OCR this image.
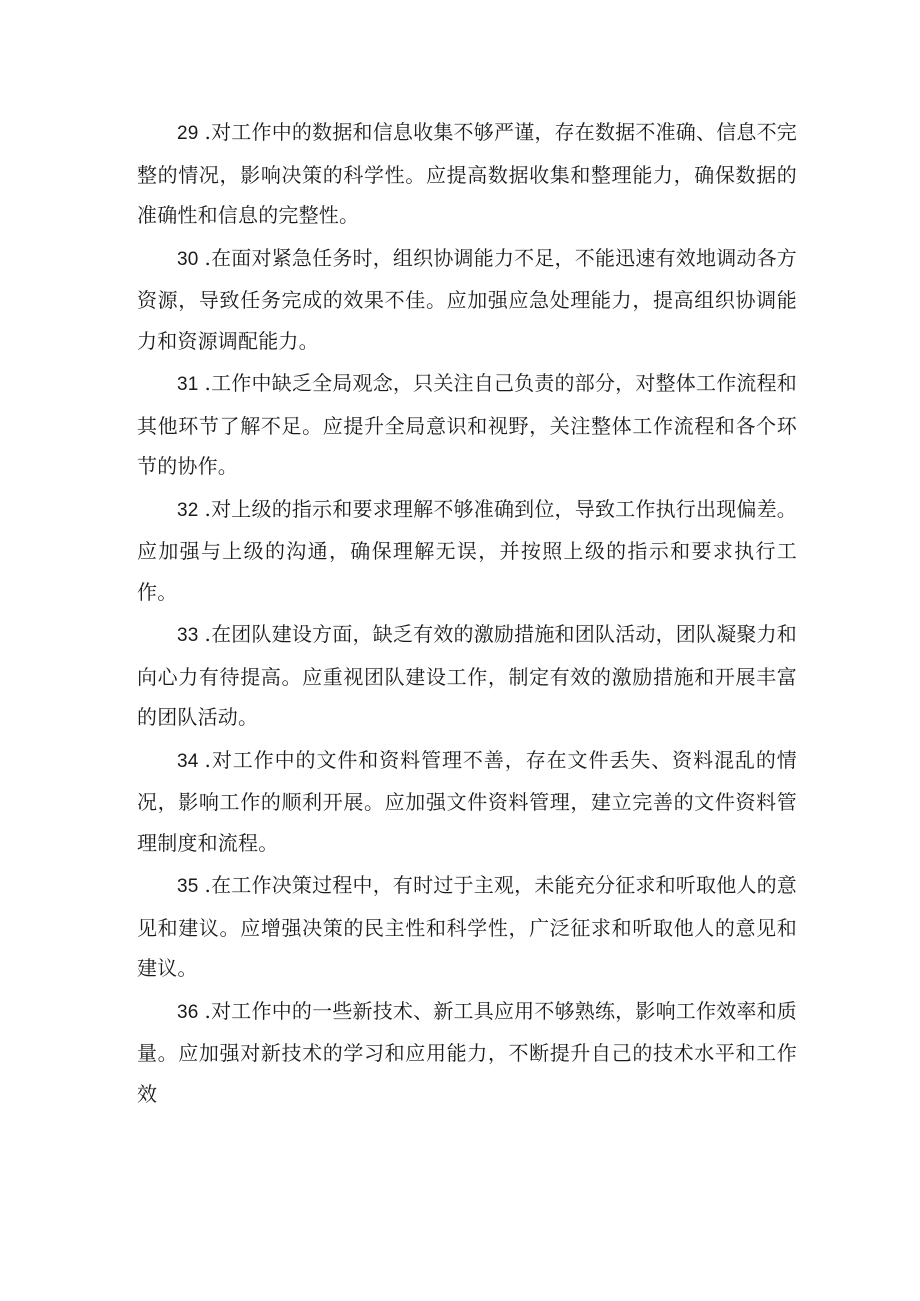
29 .对工作中的数据和信息收集不够严谨，存在数据不准确、信息不完整的情况，影响决策的科学性。应提高数据收集和整理能力，确保数据的准确性和信息的完整性。

30 .在面对紧急任务时，组织协调能力不足，不能迅速有效地调动各方资源，导致任务完成的效果不佳。应加强应急处理能力，提高组织协调能力和资源调配能力。

31 .工作中缺乏全局观念，只关注自己负责的部分，对整体工作流程和其他环节了解不足。应提升全局意识和视野，关注整体工作流程和各个环节的协作。

32 .对上级的指示和要求理解不够准确到位，导致工作执行出现偏差。应加强与上级的沟通，确保理解无误，并按照上级的指示和要求执行工作。

33 .在团队建设方面，缺乏有效的激励措施和团队活动，团队凝聚力和向心力有待提高。应重视团队建设工作，制定有效的激励措施和开展丰富的团队活动。

34 .对工作中的文件和资料管理不善，存在文件丢失、资料混乱的情况，影响工作的顺利开展。应加强文件资料管理，建立完善的文件资料管理制度和流程。

35 .在工作决策过程中，有时过于主观，未能充分征求和听取他人的意见和建议。应增强决策的民主性和科学性，广泛征求和听取他人的意见和建议。

36 .对工作中的一些新技术、新工具应用不够熟练，影响工作效率和质量。应加强对新技术的学习和应用能力，不断提升自己的技术水平和工作效
